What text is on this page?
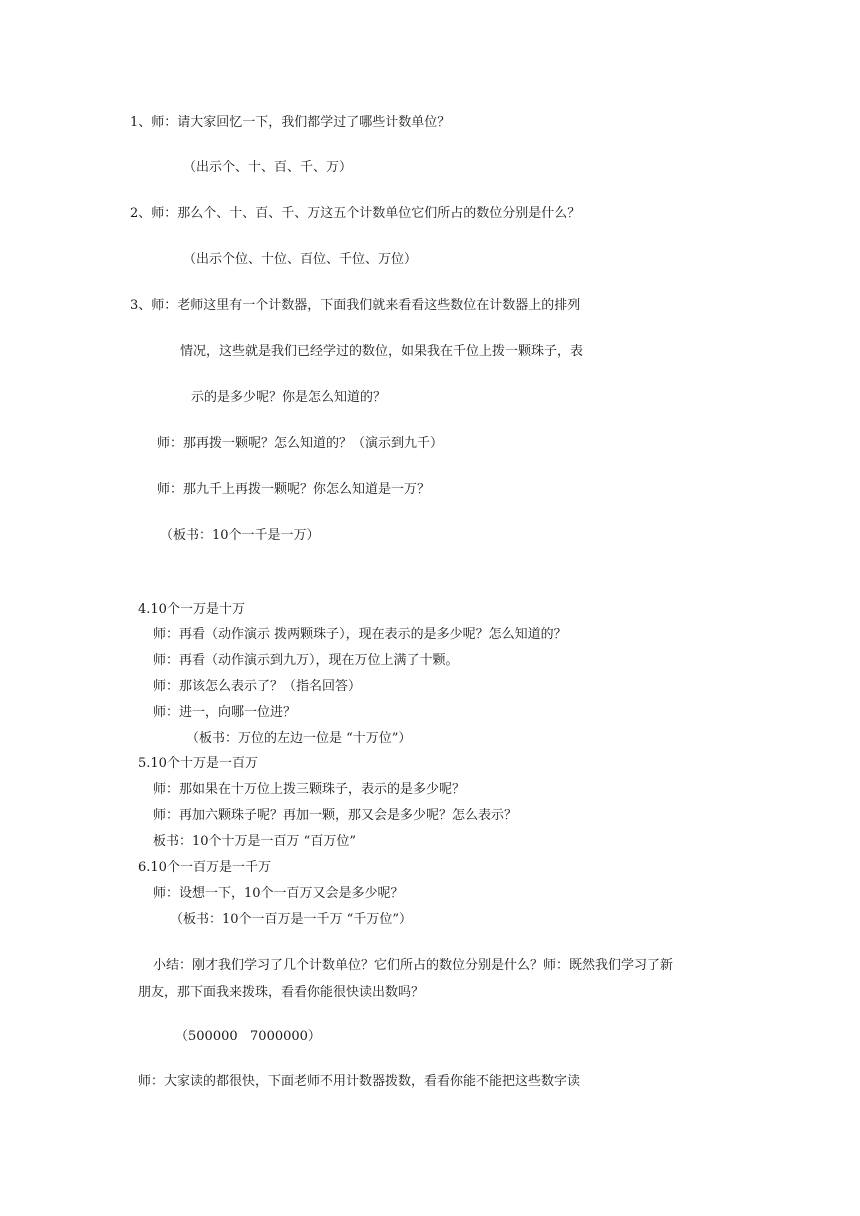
1、师：请大家回忆一下，我们都学过了哪些计数单位？
（出示个、十、百、千、万）
2、师：那么个、十、百、千、万这五个计数单位它们所占的数位分别是什么？
（出示个位、十位、百位、千位、万位）
3、师：老师这里有一个计数器，下面我们就来看看这些数位在计数器上的排列
情况，这些就是我们已经学过的数位，如果我在千位上拨一颗珠子，表
示的是多少呢？你是怎么知道的？
师：那再拨一颗呢？怎么知道的？（演示到九千）
师：那九千上再拨一颗呢？你怎么知道是一万？
（板书：10个一千是一万）
4.10个一万是十万
师：再看（动作演示 拨两颗珠子），现在表示的是多少呢？怎么知道的？
师：再看（动作演示到九万），现在万位上满了十颗。
师：那该怎么表示了？（指名回答）
师：进一，向哪一位进？
（板书：万位的左边一位是 “十万位”）
5.10个十万是一百万
师：那如果在十万位上拨三颗珠子，表示的是多少呢？
师：再加六颗珠子呢？再加一颗，那又会是多少呢？怎么表示？
板书：10个十万是一百万 “百万位”
6.10个一百万是一千万
师：设想一下，10个一百万又会是多少呢？
（板书：10个一百万是一千万 “千万位”）
小结：刚才我们学习了几个计数单位？它们所占的数位分别是什么？师：既然我们学习了新
朋友，那下面我来拨珠，看看你能很快读出数吗？
（500000   7000000）
师：大家读的都很快，下面老师不用计数器拨数，看看你能不能把这些数字读
